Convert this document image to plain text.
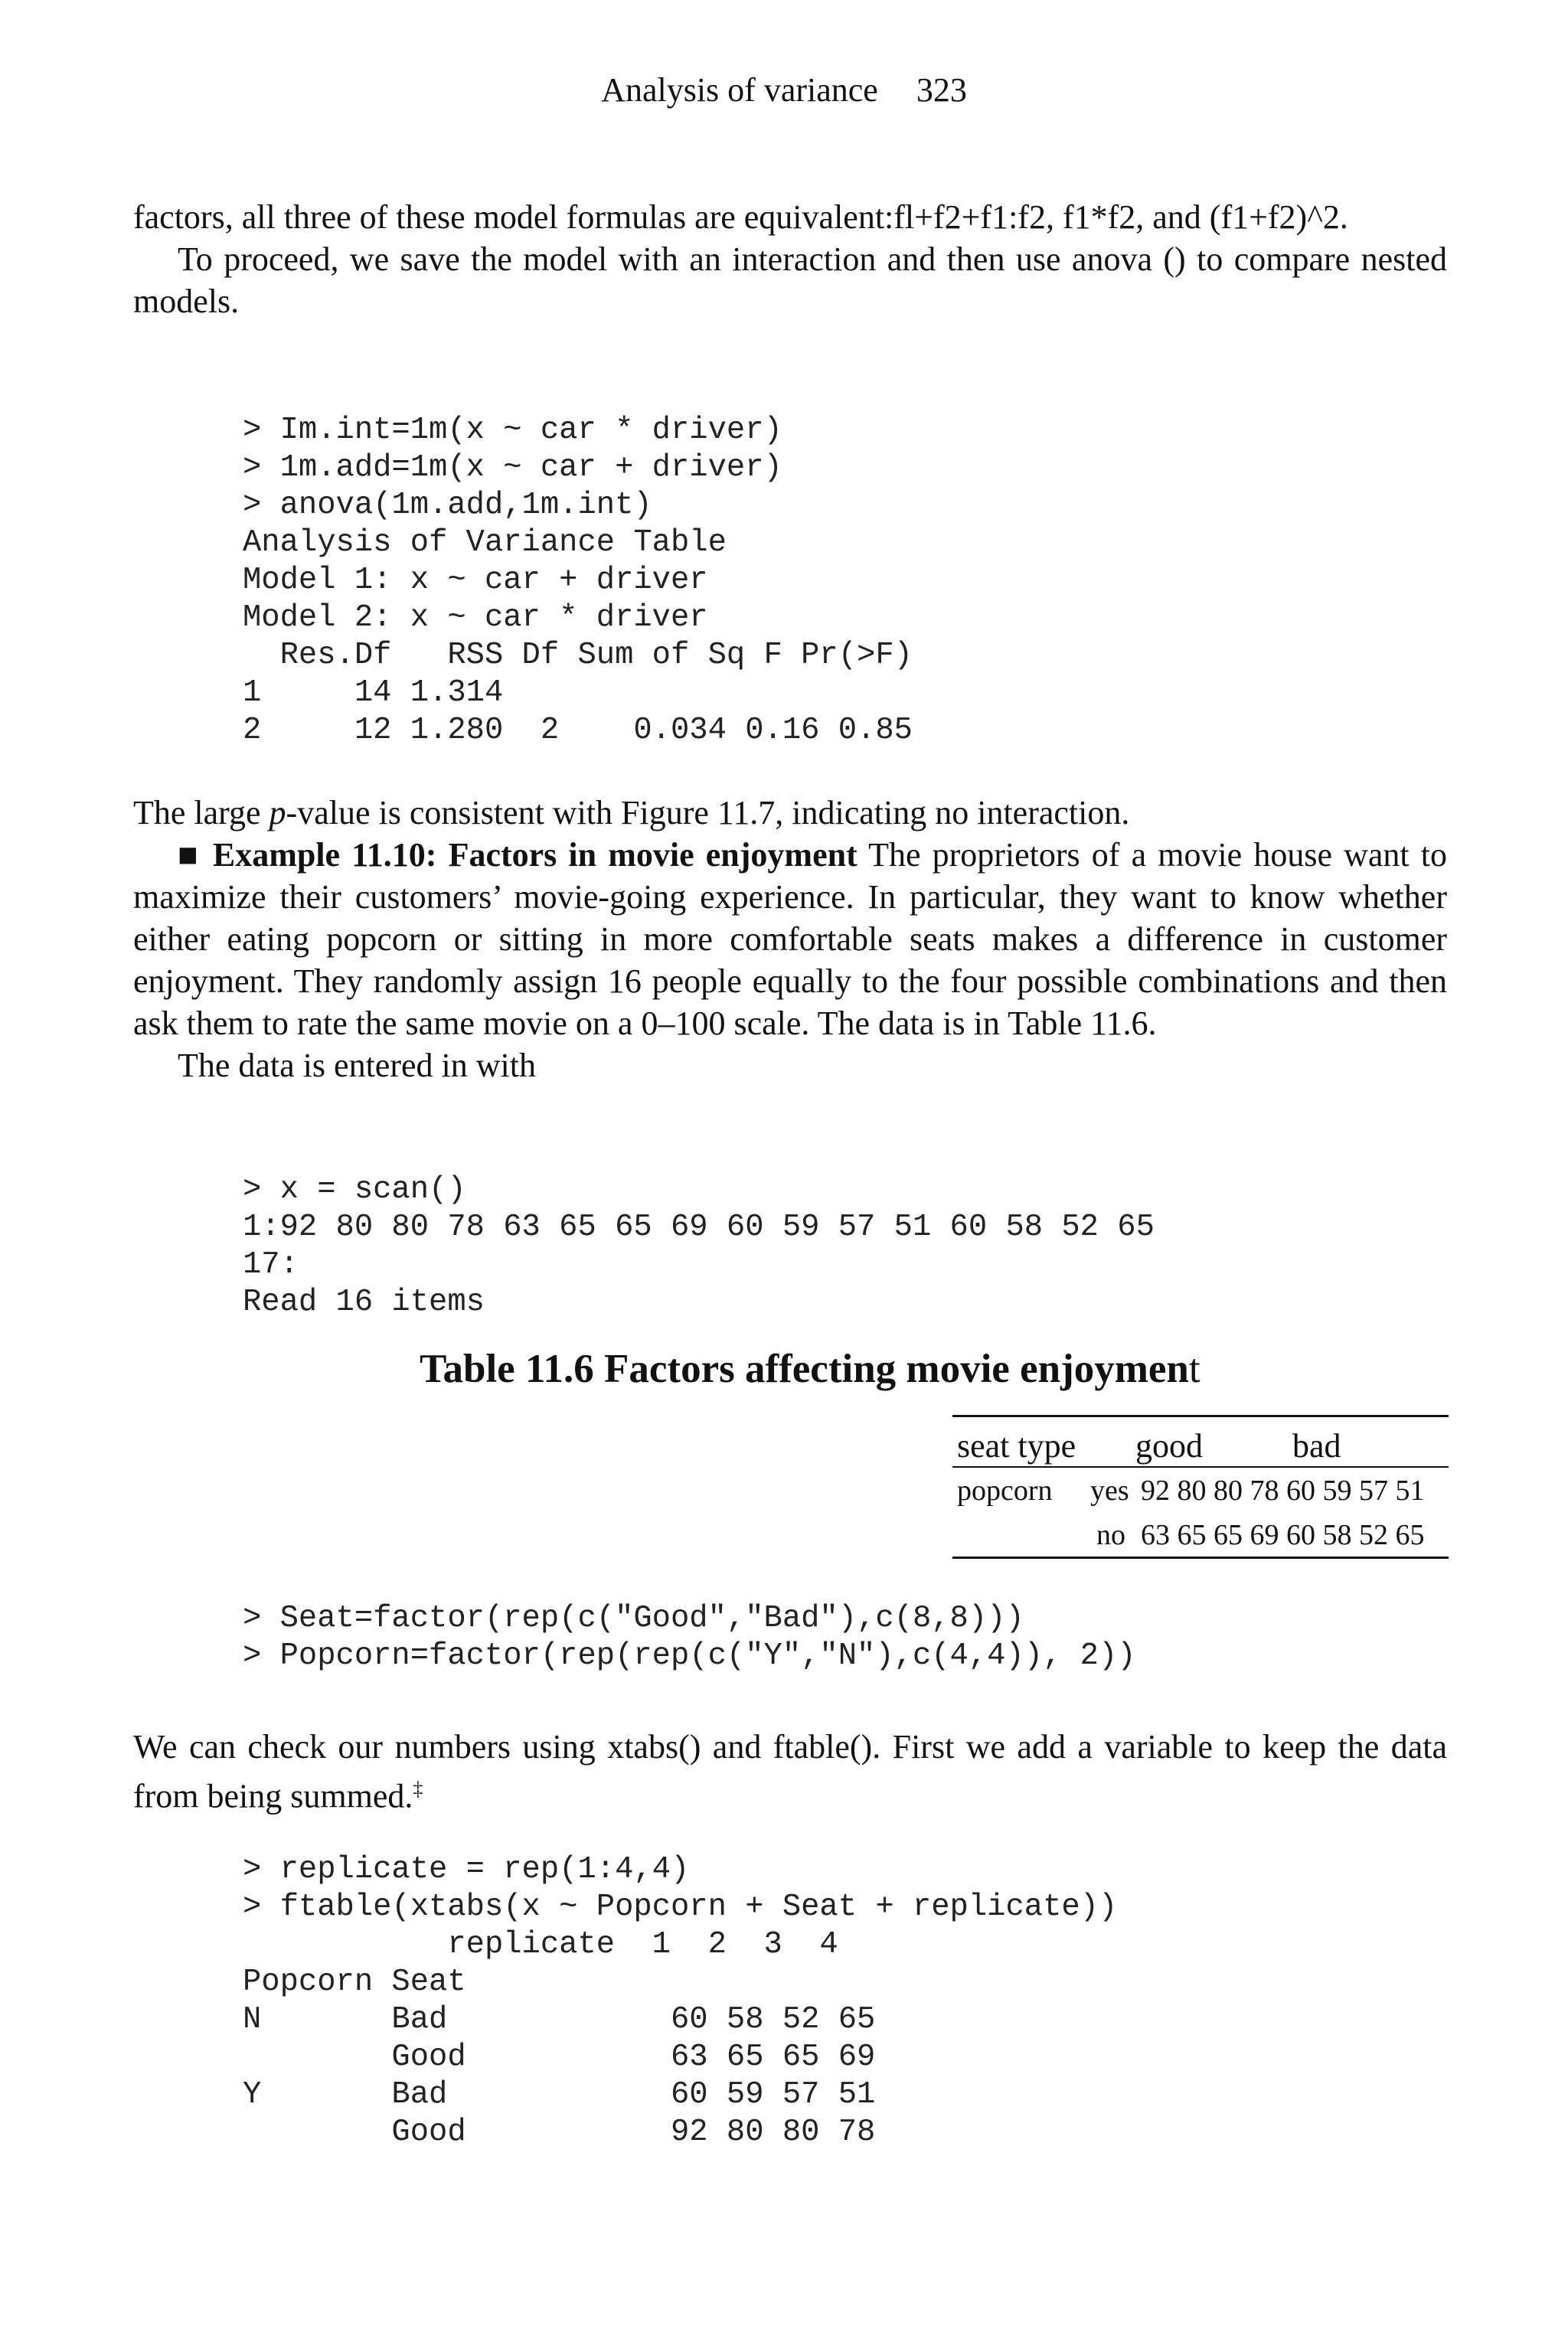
Analysis of variance 323

factors, all three of these model formulas are equivalent:fl+f2+f1:f2, f1*f2, and (f1+f2)^2.

To proceed, we save the model with an interaction and then use anova () to compare nested models.

> Im.int=1m(x ~ car * driver)
> 1m.add=1m(x ~ car + driver)
> anova(1m.add,1m.int)
Analysis of Variance Table
Model 1: x ~ car + driver
Model 2: x ~ car * driver
Res.Df   RSS Df Sum of Sq F Pr(>F)
1     14 1.314
2     12 1.280  2    0.034 0.16 0.85

The large p-value is consistent with Figure 11.7, indicating no interaction.

■ Example 11.10: Factors in movie enjoyment The proprietors of a movie house want to maximize their customers’ movie-going experience. In particular, they want to know whether either eating popcorn or sitting in more comfortable seats makes a difference in customer enjoyment. They randomly assign 16 people equally to the four possible combinations and then ask them to rate the same movie on a 0–100 scale. The data is in Table 11.6.

The data is entered in with

> x = scan()
1:92 80 80 78 63 65 65 69 60 59 57 51 60 58 52 65
17:
Read 16 items
Table 11.6 Factors affecting movie enjoyment
seat type good	bad
popcorn yes 92 80 80 78 60 59 57 51
no 63 65 65 69 60 58 52 65
> Seat=factor(rep(c("Good","Bad"),c(8,8)))
> Popcorn=factor(rep(rep(c("Y","N"),c(4,4)), 2))

We can check our numbers using xtabs() and ftable(). First we add a variable to keep the data from being summed.‡

> replicate = rep(1:4,4)
> ftable(xtabs(x ~ Popcorn + Seat + replicate))
replicate  1  2  3  4
Popcorn Seat
N       Bad            60 58 52 65
Good           63 65 65 69
Y       Bad            60 59 57 51
Good           92 80 80 78
